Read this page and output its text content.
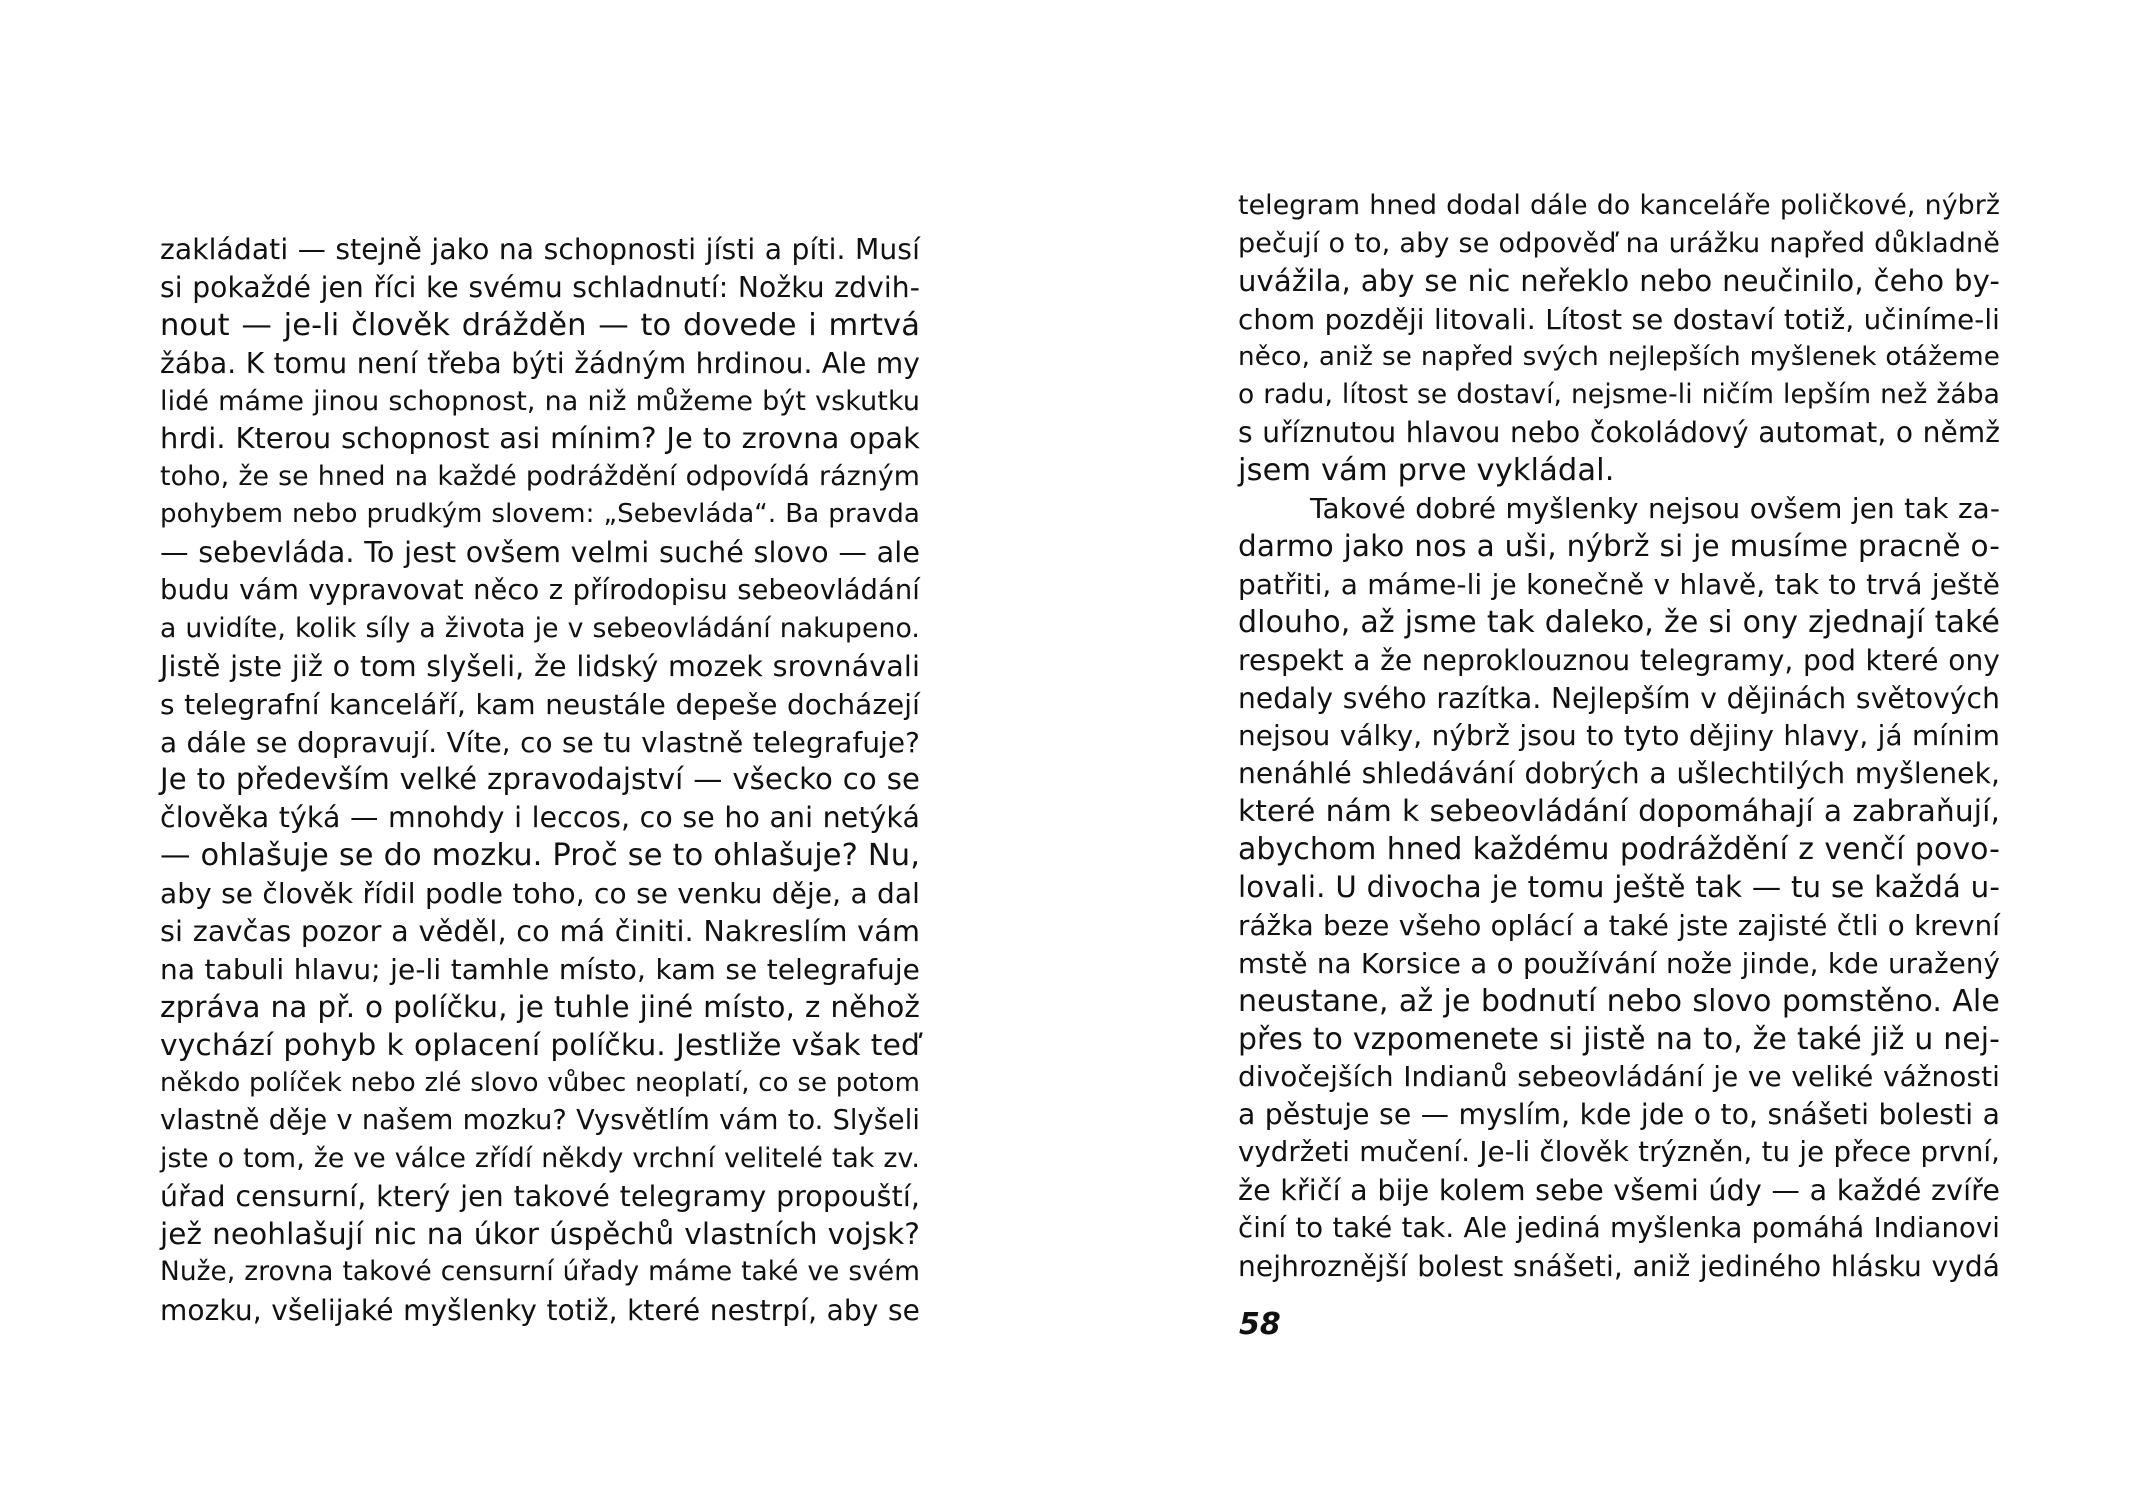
zakládati — stejně jako na schopnosti jísti a píti. Musí
si pokaždé jen říci ke svému schladnutí: Nožku zdvih-
nout — je-li člověk drážděn — to dovede i mrtvá
žába. K tomu není třeba býti žádným hrdinou. Ale my
lidé máme jinou schopnost, na niž můžeme být vskutku
hrdi. Kterou schopnost asi mínim? Je to zrovna opak
toho, že se hned na každé podráždění odpovídá rázným
pohybem nebo prudkým slovem: „Sebevláda“. Ba pravda
— sebevláda. To jest ovšem velmi suché slovo — ale
budu vám vypravovat něco z přírodopisu sebeovládání
a uvidíte, kolik síly a života je v sebeovládání nakupeno.
Jistě jste již o tom slyšeli, že lidský mozek srovnávali
s telegrafní kanceláří, kam neustále depeše docházejí
a dále se dopravují. Víte, co se tu vlastně telegrafuje?
Je to především velké zpravodajství — všecko co se
člověka týká — mnohdy i leccos, co se ho ani netýká
— ohlašuje se do mozku. Proč se to ohlašuje? Nu,
aby se člověk řídil podle toho, co se venku děje, a dal
si zavčas pozor a věděl, co má činiti. Nakreslím vám
na tabuli hlavu; je-li tamhle místo, kam se telegrafuje
zpráva na př. o políčku, je tuhle jiné místo, z něhož
vychází pohyb k oplacení políčku. Jestliže však teď
někdo políček nebo zlé slovo vůbec neoplatí, co se potom
vlastně děje v našem mozku? Vysvětlím vám to. Slyšeli
jste o tom, že ve válce zřídí někdy vrchní velitelé tak zv.
úřad censurní, který jen takové telegramy propouští,
jež neohlašují nic na úkor úspěchů vlastních vojsk?
Nuže, zrovna takové censurní úřady máme také ve svém
mozku, všelijaké myšlenky totiž, které nestrpí, aby se
telegram hned dodal dále do kanceláře poličkové, nýbrž
pečují o to, aby se odpověď na urážku napřed důkladně
uvážila, aby se nic neřeklo nebo neučinilo, čeho by-
chom později litovali. Lítost se dostaví totiž, učiníme-li
něco, aniž se napřed svých nejlepších myšlenek otážeme
o radu, lítost se dostaví, nejsme-li ničím lepším než žába
s uříznutou hlavou nebo čokoládový automat, o němž
jsem vám prve vykládal.
Takové dobré myšlenky nejsou ovšem jen tak za-
darmo jako nos a uši, nýbrž si je musíme pracně o-
patřiti, a máme-li je konečně v hlavě, tak to trvá ještě
dlouho, až jsme tak daleko, že si ony zjednají také
respekt a že neproklouznou telegramy, pod které ony
nedaly svého razítka. Nejlepším v dějinách světových
nejsou války, nýbrž jsou to tyto dějiny hlavy, já mínim
nenáhlé shledávání dobrých a ušlechtilých myšlenek,
které nám k sebeovládání dopomáhají a zabraňují,
abychom hned každému podráždění z venčí povo-
lovali. U divocha je tomu ještě tak — tu se každá u-
rážka beze všeho oplácí a také jste zajisté čtli o krevní
mstě na Korsice a o používání nože jinde, kde uražený
neustane, až je bodnutí nebo slovo pomstěno. Ale
přes to vzpomenete si jistě na to, že také již u nej-
divočejších Indianů sebeovládání je ve veliké vážnosti
a pěstuje se — myslím, kde jde o to, snášeti bolesti a
vydržeti mučení. Je-li člověk trýzněn, tu je přece první,
že křičí a bije kolem sebe všemi údy — a každé zvíře
činí to také tak. Ale jediná myšlenka pomáhá Indianovi
nejhroznější bolest snášeti, aniž jediného hlásku vydá
58
